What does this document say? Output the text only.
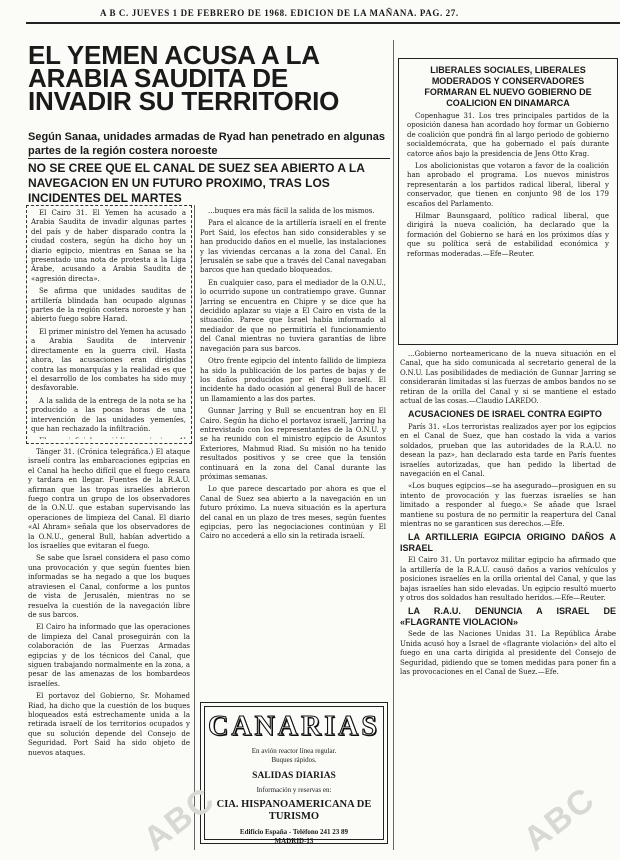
A B C. JUEVES 1 DE FEBRERO DE 1968. EDICION DE LA MAÑANA. PAG. 27.
EL YEMEN ACUSA A LA ARABIA SAUDITA DE INVADIR SU TERRITORIO

Según Sanaa, unidades armadas de Ryad han penetrado en algunas partes de la región costera noroeste

NO SE CREE QUE EL CANAL DE SUEZ SEA ABIERTO A LA NAVEGACION EN UN FUTURO PROXIMO, TRAS LOS INCIDENTES DEL MARTES

El Cairo 31. El Yemen ha acusado a Arabia Saudita de invadir algunas partes del país y de haber disparado contra la ciudad costera, según ha dicho hoy un diario egipcio, mientras en Sanaa se ha presentado una nota de protesta a la Liga Árabe, acusando a Arabia Saudita de «agresión directa».

Se afirma que unidades sauditas de artillería blindada han ocupado algunas partes de la región costera noroeste y han abierto fuego sobre Harad.

El primer ministro del Yemen ha acusado a Arabia Saudita de intervenir directamente en la guerra civil. Hasta ahora, las acusaciones eran dirigidas contra las monarquías y la realidad es que el desarrollo de los combates ha sido muy desfavorable.

A la salida de la entrega de la nota se ha producido a las pocas horas de una intervención de las unidades yemeníes, que han rechazado la infiltración.

Tánger 31. (Crónica telegráfica.) El ataque israelí contra las embarcaciones egipcias en el Canal ha hecho difícil que el fuego cesara y tardara en llegar. Fuentes de la R.A.U. afirman que las tropas israelíes abrieron fuego contra un grupo de los observadores de la O.N.U. que estaban supervisando las operaciones de limpieza del Canal. El diario «Al Ahram» señala que los observadores de la O.N.U., general Bull, habían advertido a los israelíes que evitaran el fuego.

Se sabe que Israel considera el paso como una provocación y que según fuentes bien informadas se ha negado a que los buques atraviesen el Canal, conforme a los puntos de vista de Jerusalén, mientras no se resuelva la cuestión de la navegación libre de sus barcos.

El Cairo ha informado que las operaciones de limpieza del Canal proseguirán con la colaboración de las Fuerzas Armadas egipcias y de los técnicos del Canal, que siguen trabajando normalmente en la zona, a pesar de las amenazas de los bombardeos israelíes.

El portavoz del Gobierno, Sr. Mohamed Riad, ha dicho que la cuestión de los buques bloqueados está estrechamente unida a la retirada israelí de los territorios ocupados y que su solución depende del Consejo de Seguridad. Port Said ha sido objeto de nuevos ataques.

...buques era más fácil la salida de los mismos.

Para el alcance de la artillería israelí en el frente Port Said, los efectos han sido considerables y se han producido daños en el muelle, las instalaciones y las viviendas cercanas a la zona del Canal. En Jerusalén se sabe que a través del Canal navegaban barcos que han quedado bloqueados.

En cualquier caso, para el mediador de la O.N.U., lo ocurrido supone un contratiempo grave. Gunnar Jarring se encuentra en Chipre y se dice que ha decidido aplazar su viaje a El Cairo en vista de la situación. Parece que Israel había informado al mediador de que no permitiría el funcionamiento del Canal mientras no tuviera garantías de libre navegación para sus barcos.

Otro frente egipcio del intento fallido de limpieza ha sido la publicación de los partes de bajas y de los daños producidos por el fuego israelí. El incidente ha dado ocasión al general Bull de hacer un llamamiento a las dos partes.

Gunnar Jarring y Bull se encuentran hoy en El Cairo. Según ha dicho el portavoz israelí, Jarring ha entrevistado con los representantes de la O.N.U. y se ha reunido con el ministro egipcio de Asuntos Exteriores, Mahmud Riad. Su misión no ha tenido resultados positivos y se cree que la tensión continuará en la zona del Canal durante las próximas semanas.

Lo que parece descartado por ahora es que el Canal de Suez sea abierto a la navegación en un futuro próximo. La nueva situación es la apertura del canal en un plazo de tres meses, según fuentes egipcias, pero las negociaciones continúan y El Cairo no accederá a ello sin la retirada israelí.

CANARIAS
En avión reactor línea regular.
Buques rápidos.
SALIDAS DIARIAS
Información y reservas en:
CIA. HISPANOAMERICANA DE TURISMO
Edificio España - Teléfono 241 23 89
MADRID-13

LIBERALES SOCIALES, LIBERALES MODERADOS Y CONSERVADORES FORMARAN EL NUEVO GOBIERNO DE COALICION EN DINAMARCA

Copenhague 31. Los tres principales partidos de la oposición danesa han acordado hoy formar un Gobierno de coalición que pondrá fin al largo periodo de gobierno socialdemócrata, que ha gobernado el país durante catorce años bajo la presidencia de Jens Otto Krag.

Los abolicionistas que votaron a favor de la coalición han aprobado el programa. Los nuevos ministros representarán a los partidos radical liberal, liberal y conservador, que tienen en conjunto 98 de los 179 escaños del Parlamento.

Hilmar Baunsgaard, político radical liberal, que dirigirá la nueva coalición, ha declarado que la formación del Gobierno se hará en los próximos días y que su política será de estabilidad económica y reformas moderadas.—Efe—Reuter.

...Gobierno norteamericano de la nueva situación en el Canal, que ha sido comunicada al secretario general de la O.N.U. Las posibilidades de mediación de Gunnar Jarring se considerarán limitadas si las fuerzas de ambos bandos no se retiran de la orilla del Canal y si se mantiene el estado actual de las cosas.—Claudio LAREDO.

ACUSACIONES DE ISRAEL CONTRA EGIPTO

París 31. «Los terroristas realizados ayer por los egipcios en el Canal de Suez, que han costado la vida a varios soldados, prueban que las autoridades de la R.A.U. no desean la paz», han declarado esta tarde en París fuentes israelíes autorizadas, que han pedido la libertad de navegación en el Canal.

«Los buques egipcios—se ha asegurado—prosiguen en su intento de provocación y las fuerzas israelíes se han limitado a responder al fuego.» Se añade que Israel mantiene su postura de no permitir la reapertura del Canal mientras no se garanticen sus derechos.—Efe.

LA ARTILLERIA EGIPCIA ORIGINO DAÑOS A ISRAEL

El Cairo 31. Un portavoz militar egipcio ha afirmado que la artillería de la R.A.U. causó daños a varios vehículos y posiciones israelíes en la orilla oriental del Canal, y que las bajas israelíes han sido elevadas. Un egipcio resultó muerto y otros dos soldados han resultado heridos.—Efe—Reuter.

LA R.A.U. DENUNCIA A ISRAEL DE «FLAGRANTE VIOLACION»

Sede de las Naciones Unidas 31. La República Árabe Unida acusó hoy a Israel de «flagrante violación» del alto el fuego en una carta dirigida al presidente del Consejo de Seguridad, pidiendo que se tomen medidas para poner fin a las provocaciones en el Canal de Suez.—Efe.

ABC	ABC
